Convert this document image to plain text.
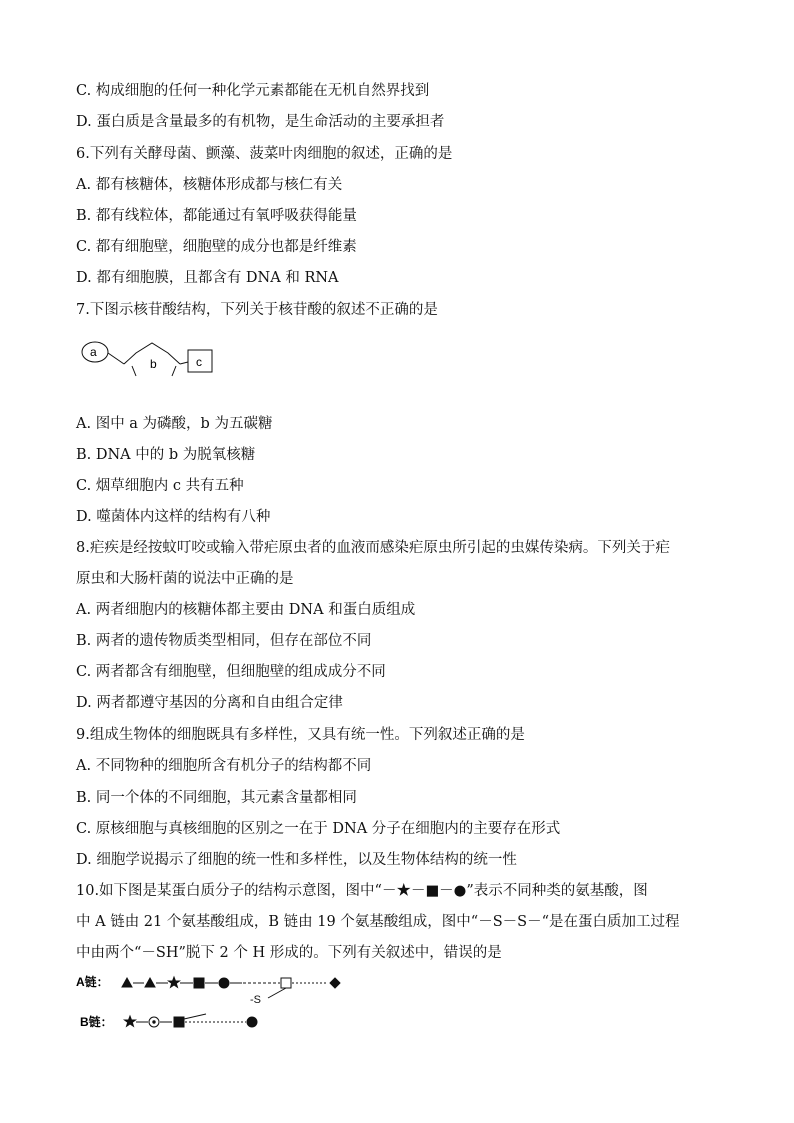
C. 构成细胞的任何一种化学元素都能在无机自然界找到
D. 蛋白质是含量最多的有机物，是生命活动的主要承担者
6.下列有关酵母菌、颤藻、菠菜叶肉细胞的叙述，正确的是
A. 都有核糖体，核糖体形成都与核仁有关
B. 都有线粒体，都能通过有氧呼吸获得能量
C. 都有细胞壁，细胞壁的成分也都是纤维素
D. 都有细胞膜，且都含有 DNA 和 RNA
7.下图示核苷酸结构，下列关于核苷酸的叙述不正确的是
a
b	c
A. 图中 a 为磷酸，b 为五碳糖
B. DNA 中的 b 为脱氧核糖
C. 烟草细胞内 c 共有五种
D. 噬菌体内这样的结构有八种
8.疟疾是经按蚊叮咬或输入带疟原虫者的血液而感染疟原虫所引起的虫媒传染病。下列关于疟
原虫和大肠杆菌的说法中正确的是
A. 两者细胞内的核糖体都主要由 DNA 和蛋白质组成
B. 两者的遗传物质类型相同，但存在部位不同
C. 两者都含有细胞壁，但细胞壁的组成成分不同
D. 两者都遵守基因的分离和自由组合定律
9.组成生物体的细胞既具有多样性，又具有统一性。下列叙述正确的是
A. 不同物种的细胞所含有机分子的结构都不同
B. 同一个体的不同细胞，其元素含量都相同
C. 原核细胞与真核细胞的区别之一在于 DNA 分子在细胞内的主要存在形式
D. 细胞学说揭示了细胞的统一性和多样性，以及生物体结构的统一性
10.如下图是某蛋白质分子的结构示意图，图中“－★－■－●”表示不同种类的氨基酸，图
中 A 链由 21 个氨基酸组成，B 链由 19 个氨基酸组成，图中“－S－S－“是在蛋白质加工过程
中由两个“－SH”脱下 2 个 H 形成的。下列有关叙述中，错误的是
A链：
-S
B链：
